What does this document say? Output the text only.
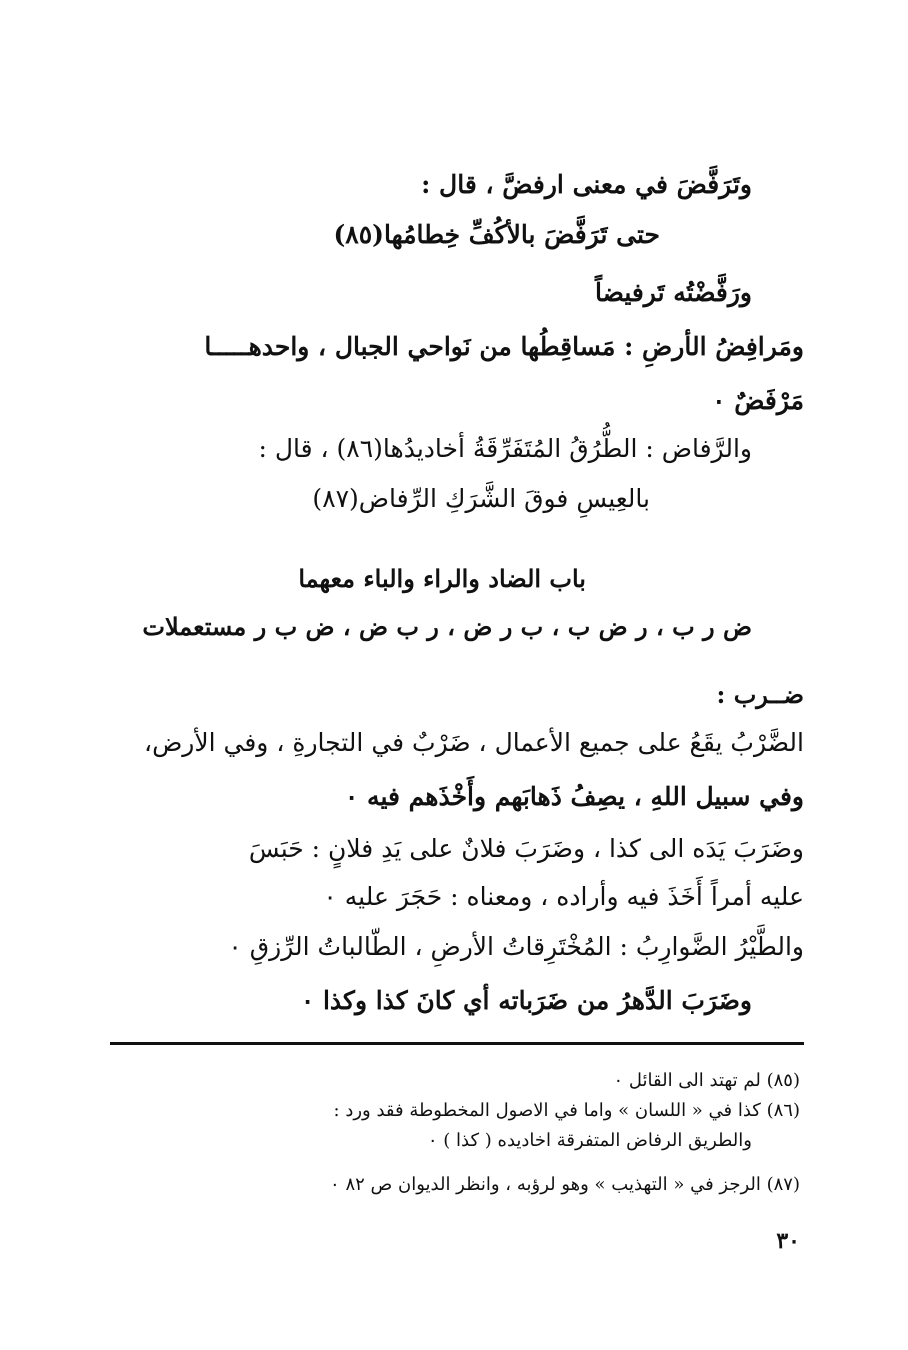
وتَرَفَّضَ في معنى ارفضَّ ، قال :
حتى تَرَفَّضَ بالأكُفِّ خِطامُها(٨٥)
ورَفَّضْتُه تَرفيضاً
ومَرافِضُ الأرضِ : مَساقِطُها من نَواحي الجبال ، واحدهـــــا
مَرْفَضٌ ٠
والرَّفاض : الطُّرُقُ المُتَفَرِّقَةُ أخاديدُها(٨٦) ، قال :
بالعِيسِ فوقَ الشَّرَكِ الرِّفاض(٨٧)
باب الضاد والراء والباء معهما
ض ر ب ، ر ض ب ، ب ر ض ، ر ب ض ، ض ب ر مستعملات
ضــرب :
الضَّرْبُ يقَعُ على جميع الأعمال ، ضَرْبٌ في التجارةِ ، وفي الأرض،
وفي سبيل اللهِ ، يصِفُ ذَهابَهم وأَخْذَهم فيه ٠
وضَرَبَ يَدَه الى كذا ، وضَرَبَ فلانٌ على يَدِ فلانٍ : حَبَسَ
عليه أمراً أَخَذَ فيه وأراده ، ومعناه : حَجَرَ عليه ٠
والطَّيْرُ الضَّوارِبُ : المُخْتَرِقاتُ الأرضِ ، الطّالباتُ الرِّزقِ ٠
وضَرَبَ الدَّهرُ من ضَرَباته أي كانَ كذا وكذا ٠
(٨٥) لم تهتد الى القائل ٠
(٨٦) كذا في « اللسان » واما في الاصول المخطوطة فقد ورد :
والطريق الرفاض المتفرقة اخاديده ( كذا ) ٠
(٨٧) الرجز في « التهذيب » وهو لرؤبه ، وانظر الديوان ص ٨٢ ٠
٣٠
